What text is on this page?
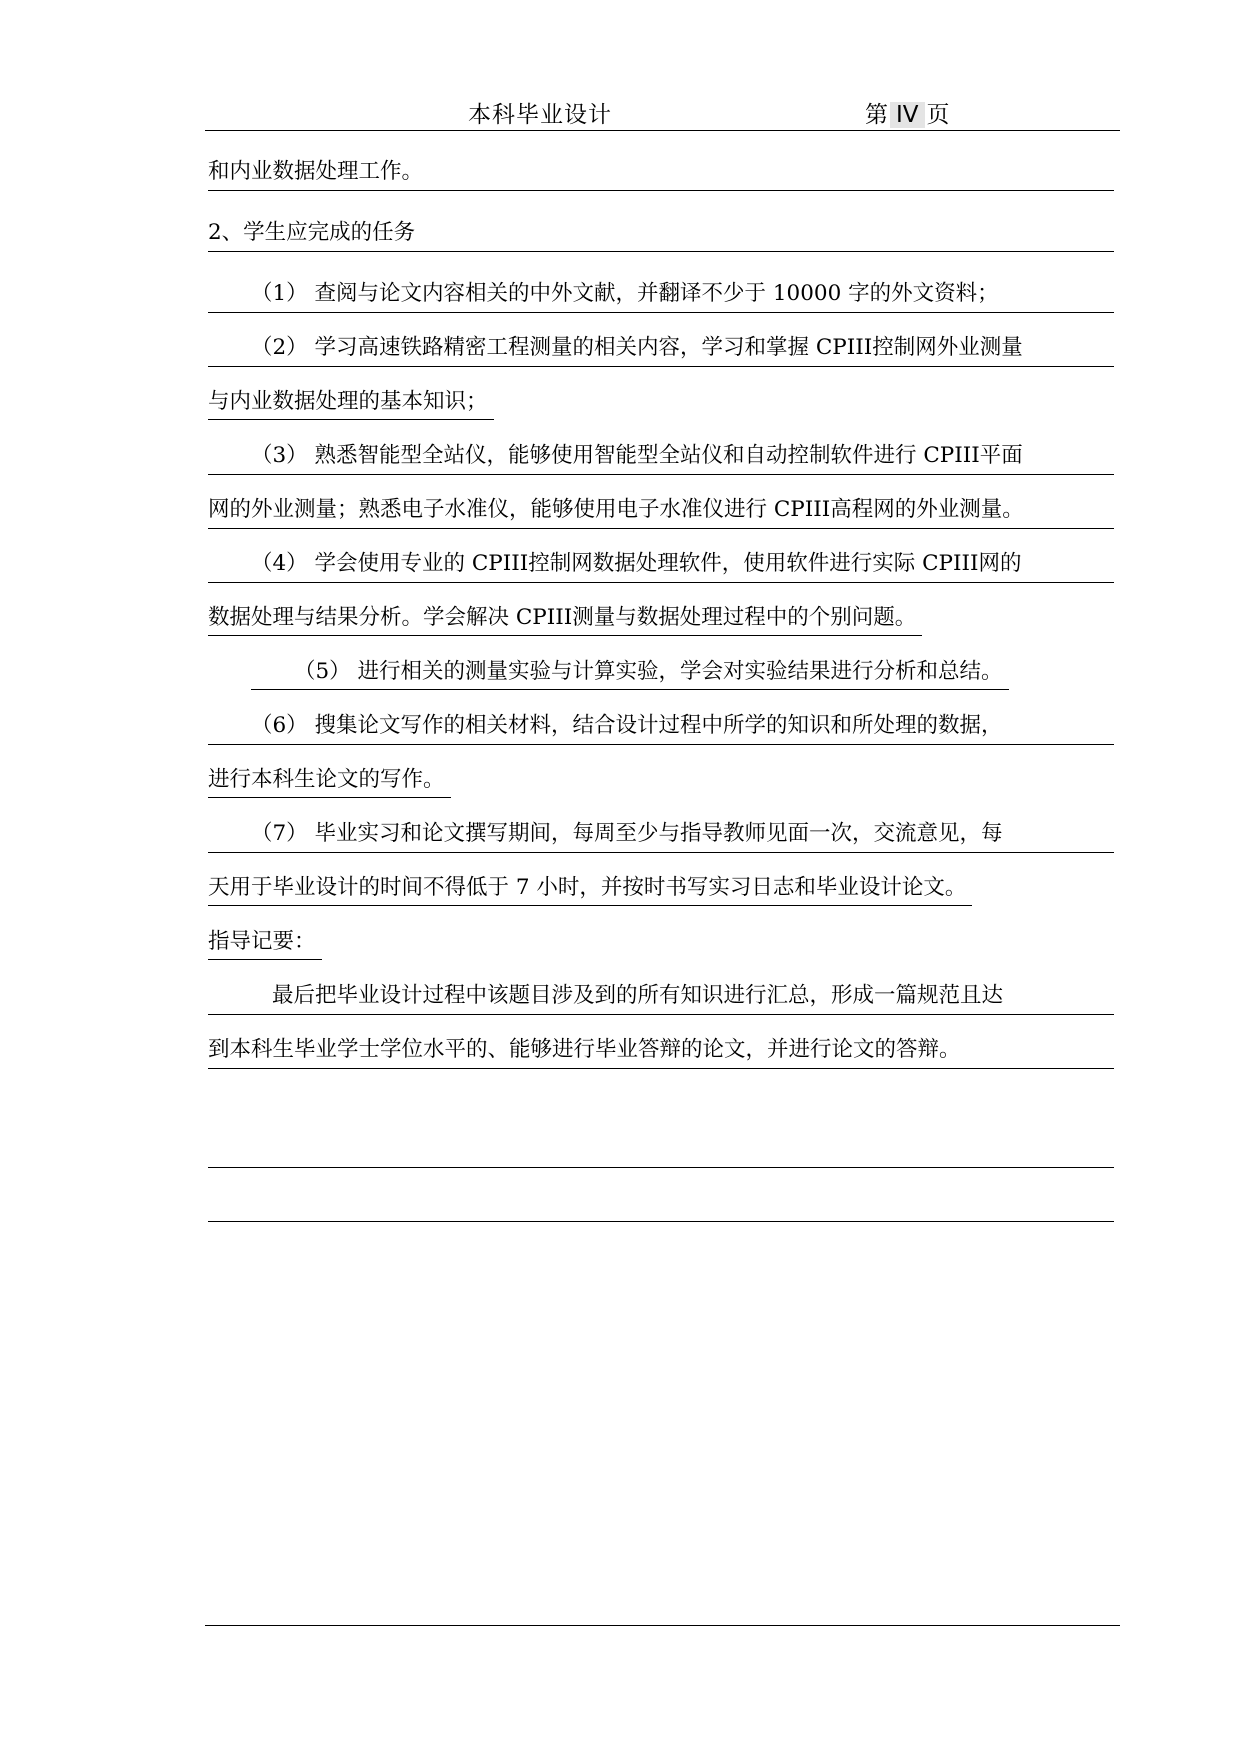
本科毕业设计	第 IV 页
和内业数据处理工作。
2、学生应完成的任务
（1） 查阅与论文内容相关的中外文献，并翻译不少于 10000 字的外文资料；
（2） 学习高速铁路精密工程测量的相关内容，学习和掌握 CPIII控制网外业测量
与内业数据处理的基本知识；
（3） 熟悉智能型全站仪，能够使用智能型全站仪和自动控制软件进行 CPIII平面
网的外业测量；熟悉电子水准仪，能够使用电子水准仪进行 CPIII高程网的外业测量。
（4） 学会使用专业的 CPIII控制网数据处理软件，使用软件进行实际 CPIII网的
数据处理与结果分析。学会解决 CPIII测量与数据处理过程中的个别问题。
（5） 进行相关的测量实验与计算实验，学会对实验结果进行分析和总结。
（6） 搜集论文写作的相关材料，结合设计过程中所学的知识和所处理的数据，
进行本科生论文的写作。
（7） 毕业实习和论文撰写期间，每周至少与指导教师见面一次，交流意见，每
天用于毕业设计的时间不得低于 7 小时，并按时书写实习日志和毕业设计论文。
指导记要：
最后把毕业设计过程中该题目涉及到的所有知识进行汇总，形成一篇规范且达
到本科生毕业学士学位水平的、能够进行毕业答辩的论文，并进行论文的答辩。
